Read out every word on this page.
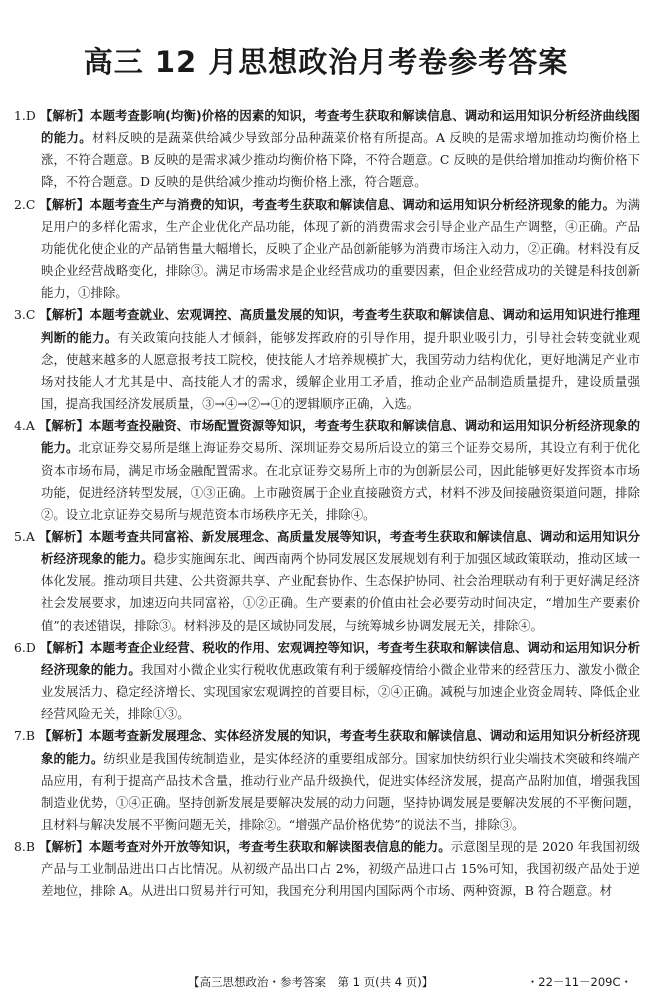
高三 12 月思想政治月考卷参考答案

1.D 【解析】本题考查影响(均衡)价格的因素的知识，考查考生获取和解读信息、调动和运用知识分析经济曲线图的能力。材料反映的是蔬菜供给减少导致部分品种蔬菜价格有所提高。A 反映的是需求增加推动均衡价格上涨，不符合题意。B 反映的是需求减少推动均衡价格下降，不符合题意。C 反映的是供给增加推动均衡价格下降，不符合题意。D 反映的是供给减少推动均衡价格上涨，符合题意。

2.C 【解析】本题考查生产与消费的知识，考查考生获取和解读信息、调动和运用知识分析经济现象的能力。为满足用户的多样化需求，生产企业优化产品功能，体现了新的消费需求会引导企业产品生产调整，④正确。产品功能优化使企业的产品销售量大幅增长，反映了企业产品创新能够为消费市场注入动力，②正确。材料没有反映企业经营战略变化，排除③。满足市场需求是企业经营成功的重要因素，但企业经营成功的关键是科技创新能力，①排除。

3.C 【解析】本题考查就业、宏观调控、高质量发展的知识，考查考生获取和解读信息、调动和运用知识进行推理判断的能力。有关政策向技能人才倾斜，能够发挥政府的引导作用，提升职业吸引力，引导社会转变就业观念，使越来越多的人愿意报考技工院校，使技能人才培养规模扩大，我国劳动力结构优化，更好地满足产业市场对技能人才尤其是中、高技能人才的需求，缓解企业用工矛盾，推动企业产品制造质量提升，建设质量强国，提高我国经济发展质量，③→④→②→①的逻辑顺序正确，入选。

4.A 【解析】本题考查投融资、市场配置资源等知识，考查考生获取和解读信息、调动和运用知识分析经济现象的能力。北京证券交易所是继上海证券交易所、深圳证券交易所后设立的第三个证券交易所，其设立有利于优化资本市场布局，满足市场金融配置需求。在北京证券交易所上市的为创新层公司，因此能够更好发挥资本市场功能，促进经济转型发展，①③正确。上市融资属于企业直接融资方式，材料不涉及间接融资渠道问题，排除②。设立北京证券交易所与规范资本市场秩序无关，排除④。

5.A 【解析】本题考查共同富裕、新发展理念、高质量发展等知识，考查考生获取和解读信息、调动和运用知识分析经济现象的能力。稳步实施闽东北、闽西南两个协同发展区发展规划有利于加强区域政策联动，推动区域一体化发展。推动项目共建、公共资源共享、产业配套协作、生态保护协同、社会治理联动有利于更好满足经济社会发展要求，加速迈向共同富裕，①②正确。生产要素的价值由社会必要劳动时间决定，“增加生产要素价值”的表述错误，排除③。材料涉及的是区域协同发展，与统筹城乡协调发展无关，排除④。

6.D 【解析】本题考查企业经营、税收的作用、宏观调控等知识，考查考生获取和解读信息、调动和运用知识分析经济现象的能力。我国对小微企业实行税收优惠政策有利于缓解疫情给小微企业带来的经营压力、激发小微企业发展活力、稳定经济增长、实现国家宏观调控的首要目标，②④正确。减税与加速企业资金周转、降低企业经营风险无关，排除①③。

7.B 【解析】本题考查新发展理念、实体经济发展的知识，考查考生获取和解读信息、调动和运用知识分析经济现象的能力。纺织业是我国传统制造业，是实体经济的重要组成部分。国家加快纺织行业尖端技术突破和终端产品应用，有利于提高产品技术含量，推动行业产品升级换代，促进实体经济发展，提高产品附加值，增强我国制造业优势，①④正确。坚持创新发展是要解决发展的动力问题，坚持协调发展是要解决发展的不平衡问题，且材料与解决发展不平衡问题无关，排除②。“增强产品价格优势”的说法不当，排除③。

8.B 【解析】本题考查对外开放等知识，考查考生获取和解读图表信息的能力。示意图呈现的是 2020 年我国初级产品与工业制品进出口占比情况。从初级产品出口占 2%，初级产品进口占 15%可知，我国初级产品处于逆差地位，排除 A。从进出口贸易并行可知，我国充分利用国内国际两个市场、两种资源，B 符合题意。材

【高三思想政治・参考答案　第 1 页(共 4 页)】	・22－11－209C・
